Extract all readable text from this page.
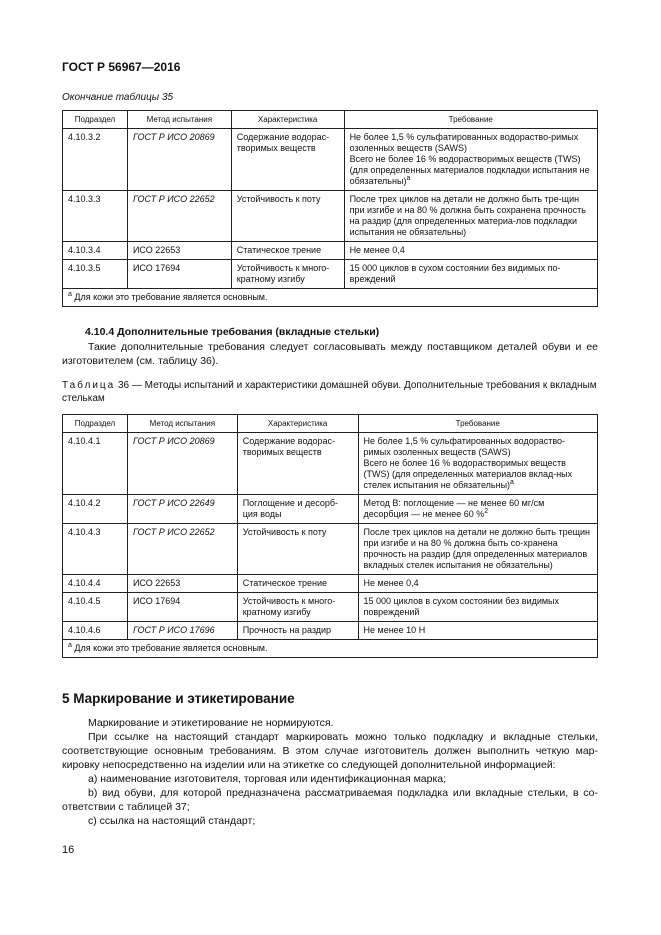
ГОСТ Р 56967—2016
Окончание таблицы 35
Подраздел	Метод испытания	Характеристика	Требование
4.10.3.2	ГОСТ Р ИСО 20869	Содержание водорас-творимых веществ	Не более 1,5 % сульфатированных водораство-римых озоленных веществ (SAWS)
Всего не более 16 % водорастворимых веществ (TWS) (для определенных материалов подкладки испытания не обязательны)$^a$
4.10.3.3	ГОСТ Р ИСО 22652	Устойчивость к поту	После трех циклов на детали не должно быть тре-щин при изгибе и на 80 % должна быть сохранена прочность на раздир (для определенных материа-лов подкладки испытания не обязательны)
4.10.3.4	ИСО 22653	Статическое трение	Не менее 0,4
4.10.3.5	ИСО 17694	Устойчивость к много-кратному изгибу	15 000 циклов в сухом состоянии без видимых по-вреждений
$^a$ Для кожи это требование является основным.			
4.10.4 Дополнительные требования (вкладные стельки)

Такие дополнительные требования следует согласовывать между поставщиком деталей обуви и ее изготовителем (см. таблицу 36).

Таблица 36 — Методы испытаний и характеристики домашней обуви. Дополнительные требования к вкладным стелькам
Подраздел	Метод испытания	Характеристика	Требование
4.10.4.1	ГОСТ Р ИСО 20869	Содержание водорас-творимых веществ	Не более 1,5 % сульфатированных водораство-римых озоленных веществ (SAWS)
Всего не более 16 % водорастворимых веществ (TWS) (для определенных материалов вклад-ных стелек испытания не обязательны)$^a$
4.10.4.2	ГОСТ Р ИСО 22649	Поглощение и десорб-ция воды	Метод В: поглощение — не менее 60 мг/см
десорбция — не менее 60 %$^2$
4.10.4.3	ГОСТ Р ИСО 22652	Устойчивость к поту	После трех циклов на детали не должно быть трещин при изгибе и на 80 % должна быть со-хранена прочность на раздир (для определенных материалов вкладных стелек испытания не обязательны)
4.10.4.4	ИСО 22653	Статическое трение	Не менее 0,4
4.10.4.5	ИСО 17694	Устойчивость к много-кратному изгибу	15 000 циклов в сухом состоянии без видимых повреждений
4.10.4.6	ГОСТ Р ИСО 17696	Прочность на раздир	Не менее 10 Н
$^a$ Для кожи это требование является основным.			
5 Маркирование и этикетирование

Маркирование и этикетирование не нормируются.

При ссылке на настоящий стандарт маркировать можно только подкладку и вкладные стельки, соответствующие основным требованиям. В этом случае изготовитель должен выполнить четкую мар-кировку непосредственно на изделии или на этикетке со следующей дополнительной информацией:

а) наименование изготовителя, торговая или идентификационная марка;

b) вид обуви, для которой предназначена рассматриваемая подкладка или вкладные стельки, в со-ответствии с таблицей 37;

с) ссылка на настоящий стандарт;

16
